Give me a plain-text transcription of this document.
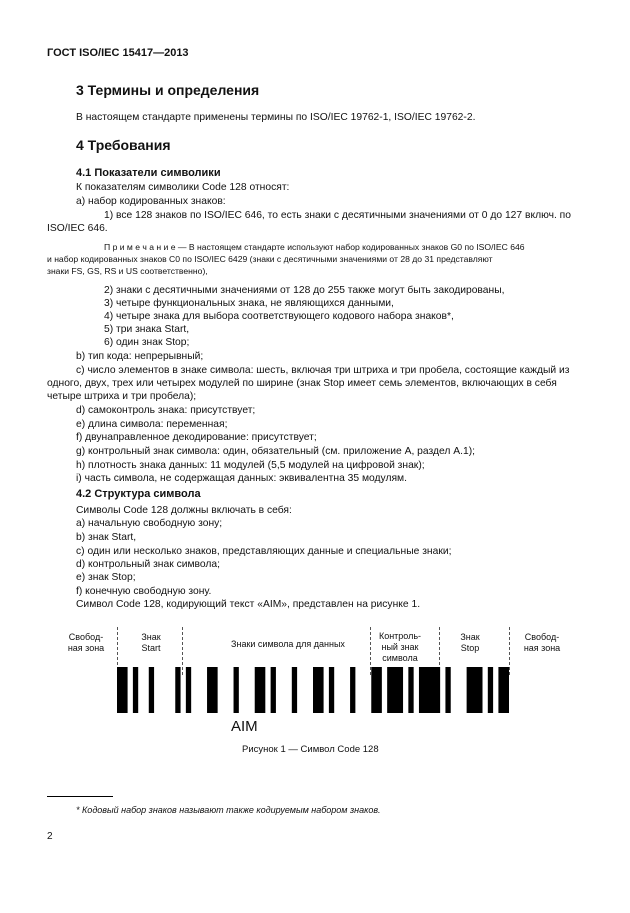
ГОСТ ISO/IEC 15417—2013
3 Термины и определения
В настоящем стандарте применены термины по ISO/IEC 19762-1, ISO/IEC 19762-2.
4 Требования
4.1 Показатели символики
К показателям символики Code 128 относят:
а) набор кодированных знаков:
1) все 128 знаков по ISO/IEC 646, то есть знаки с десятичными значениями от 0 до 127 включ. по
ISO/IEC 646.
П р и м е ч а н и е — В настоящем стандарте используют набор кодированных знаков G0 по ISO/IEC 646
и набор кодированных знаков C0 по ISO/IEC 6429 (знаки с десятичными значениями от 28 до 31 представляют
знаки FS, GS, RS и US соответственно),
2) знаки с десятичными значениями от 128 до 255 также могут быть закодированы,
3) четыре функциональных знака, не являющихся данными,
4) четыре знака для выбора соответствующего кодового набора знаков*,
5) три знака Start,
6) один знак Stop;
b) тип кода: непрерывный;
c) число элементов в знаке символа: шесть, включая три штриха и три пробела, состоящие каждый из
одного, двух, трех или четырех модулей по ширине (знак Stop имеет семь элементов, включающих в себя
четыре штриха и три пробела);
d) самоконтроль знака: присутствует;
e) длина символа: переменная;
f) двунаправленное декодирование: присутствует;
g) контрольный знак символа: один, обязательный (см. приложение А, раздел А.1);
h) плотность знака данных: 11 модулей (5,5 модулей на цифровой знак);
i) часть символа, не содержащая данных: эквивалентна 35 модулям.
4.2 Структура символа
Символы Code 128 должны включать в себя:
a) начальную свободную зону;
b) знак Start,
c) один или несколько знаков, представляющих данные и специальные знаки;
d) контрольный знак символа;
e) знак Stop;
f) конечную свободную зону.
Символ Code 128, кодирующий текст «AIM», представлен на рисунке 1.
Свобод-
ная зона
Знак
Start	Знаки символа для данных
Контроль-
ный знак
символа
Знак
Stop
Свобод-
ная зона
AIM
Рисунок 1 — Символ Code 128
* Кодовый набор знаков называют также кодируемым набором знаков.
2
